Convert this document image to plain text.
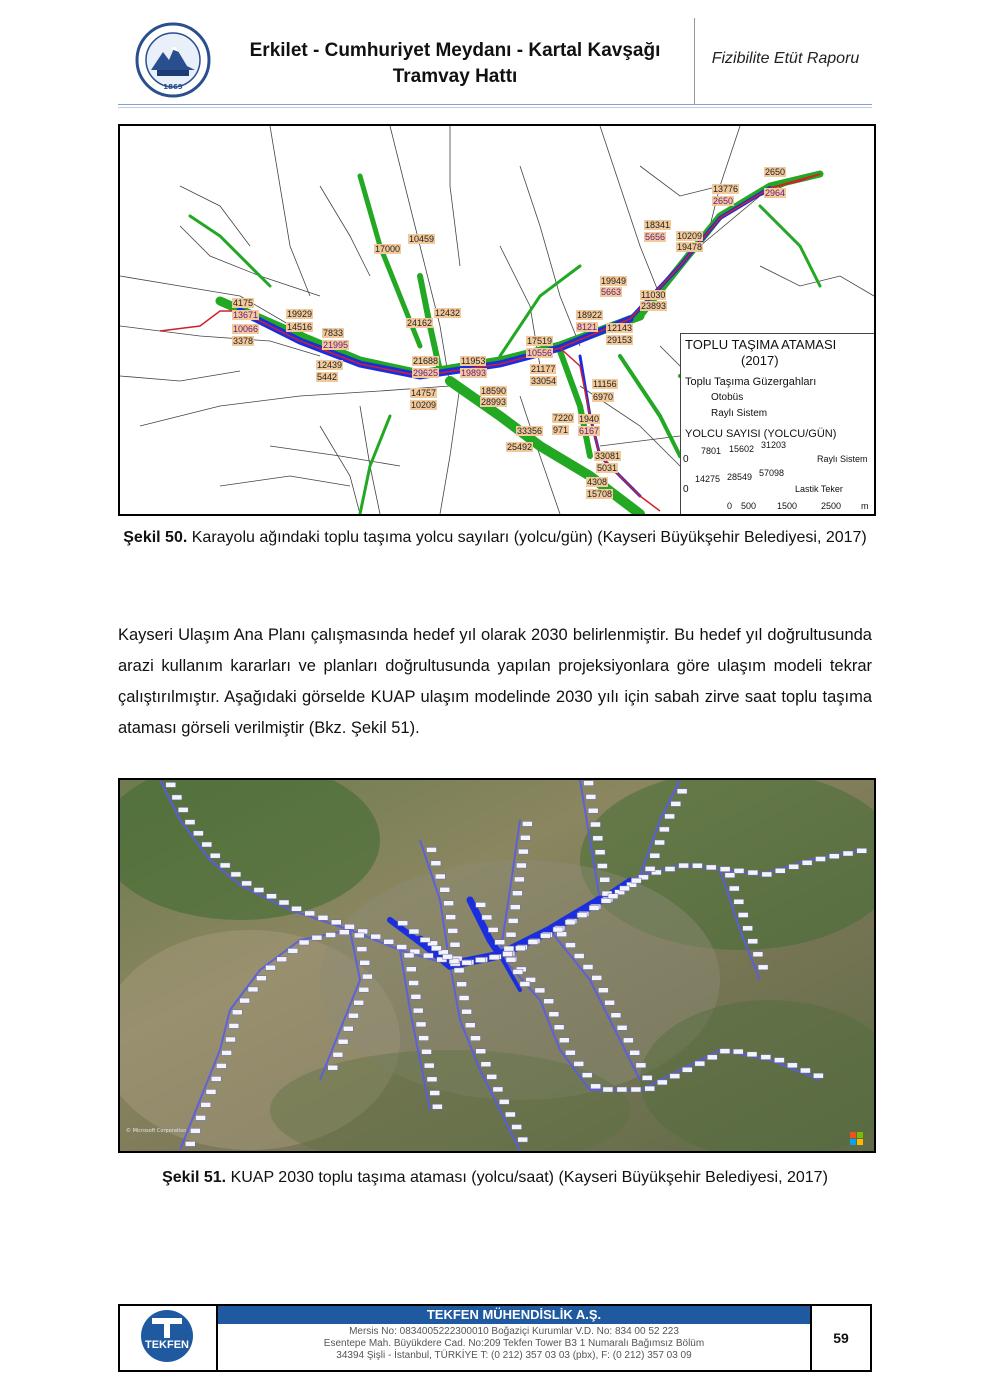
1869
Erkilet - Cumhuriyet Meydanı - Kartal Kavşağı
Tramvay Hattı
Fizibilite Etüt Raporu
4175
19929
14516
7833
3378
12439
5442
24162
12432
17000
10459
21688	11953
14757
10209
18590
28993
17519
21177
33054
18922
19949
11030
23893
12143
29153
11156
6970
33356
25492
7220
971
1940
33081
4308
15708
18341
10209
19478
13776
2650
5031
13671
10066
21995
29625	19893
10556
5663
8121
5656
2650
2964
6167
TOPLU TAŞIMA ATAMASI
(2017)
Toplu Taşıma Güzergahları
Otobüs
Raylı Sistem
YOLCU SAYISI (YOLCU/GÜN)
0
7801 15602 31203
Raylı Sistem
0
14275 28549 57098
Lastik Teker
0 500 1500	2500 m
Şekil 50. Karayolu ağındaki toplu taşıma yolcu sayıları (yolcu/gün) (Kayseri Büyükşehir Belediyesi, 2017)
Kayseri Ulaşım Ana Planı çalışmasında hedef yıl olarak 2030 belirlenmiştir. Bu hedef yıl doğrultusunda arazi kullanım kararları ve planları doğrultusunda yapılan projeksiyonlara göre ulaşım modeli tekrar çalıştırılmıştır. Aşağıdaki görselde KUAP ulaşım modelinde 2030 yılı için sabah zirve saat toplu taşıma ataması görseli verilmiştir (Bkz. Şekil 51).
© Microsoft Corporation
Şekil 51. KUAP 2030 toplu taşıma ataması (yolcu/saat) (Kayseri Büyükşehir Belediyesi, 2017)
TEKFEN
TEKFEN MÜHENDİSLİK A.Ş.
Mersis No: 0834005222300010 Boğaziçi Kurumlar V.D. No: 834 00 52 223
Esentepe Mah. Büyükdere Cad. No:209 Tekfen Tower B3 1 Numaralı Bağımsız Bölüm
34394 Şişli - İstanbul, TÜRKİYE T: (0 212) 357 03 03 (pbx), F: (0 212) 357 03 09
59
